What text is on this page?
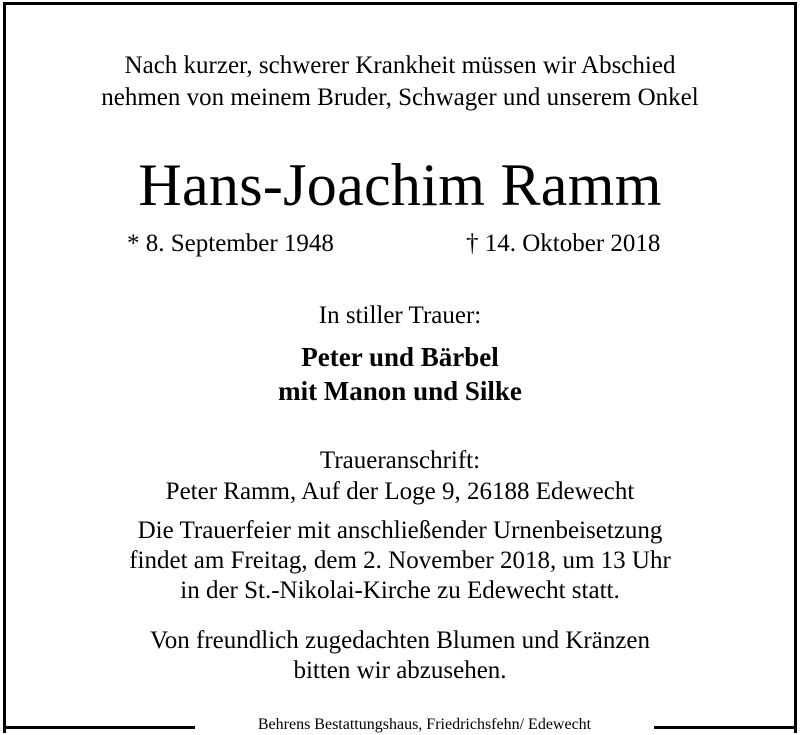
Nach kurzer, schwerer Krankheit müssen wir Abschied
nehmen von meinem Bruder, Schwager und unserem Onkel
Hans-Joachim Ramm
* 8. September 1948	† 14. Oktober 2018
In stiller Trauer:
Peter und Bärbel
mit Manon und Silke
Traueranschrift:
Peter Ramm, Auf der Loge 9, 26188 Edewecht
Die Trauerfeier mit anschließender Urnenbeisetzung
findet am Freitag, dem 2. November 2018, um 13 Uhr
in der St.-Nikolai-Kirche zu Edewecht statt.
Von freundlich zugedachten Blumen und Kränzen
bitten wir abzusehen.
Behrens Bestattungshaus, Friedrichsfehn/ Edewecht
